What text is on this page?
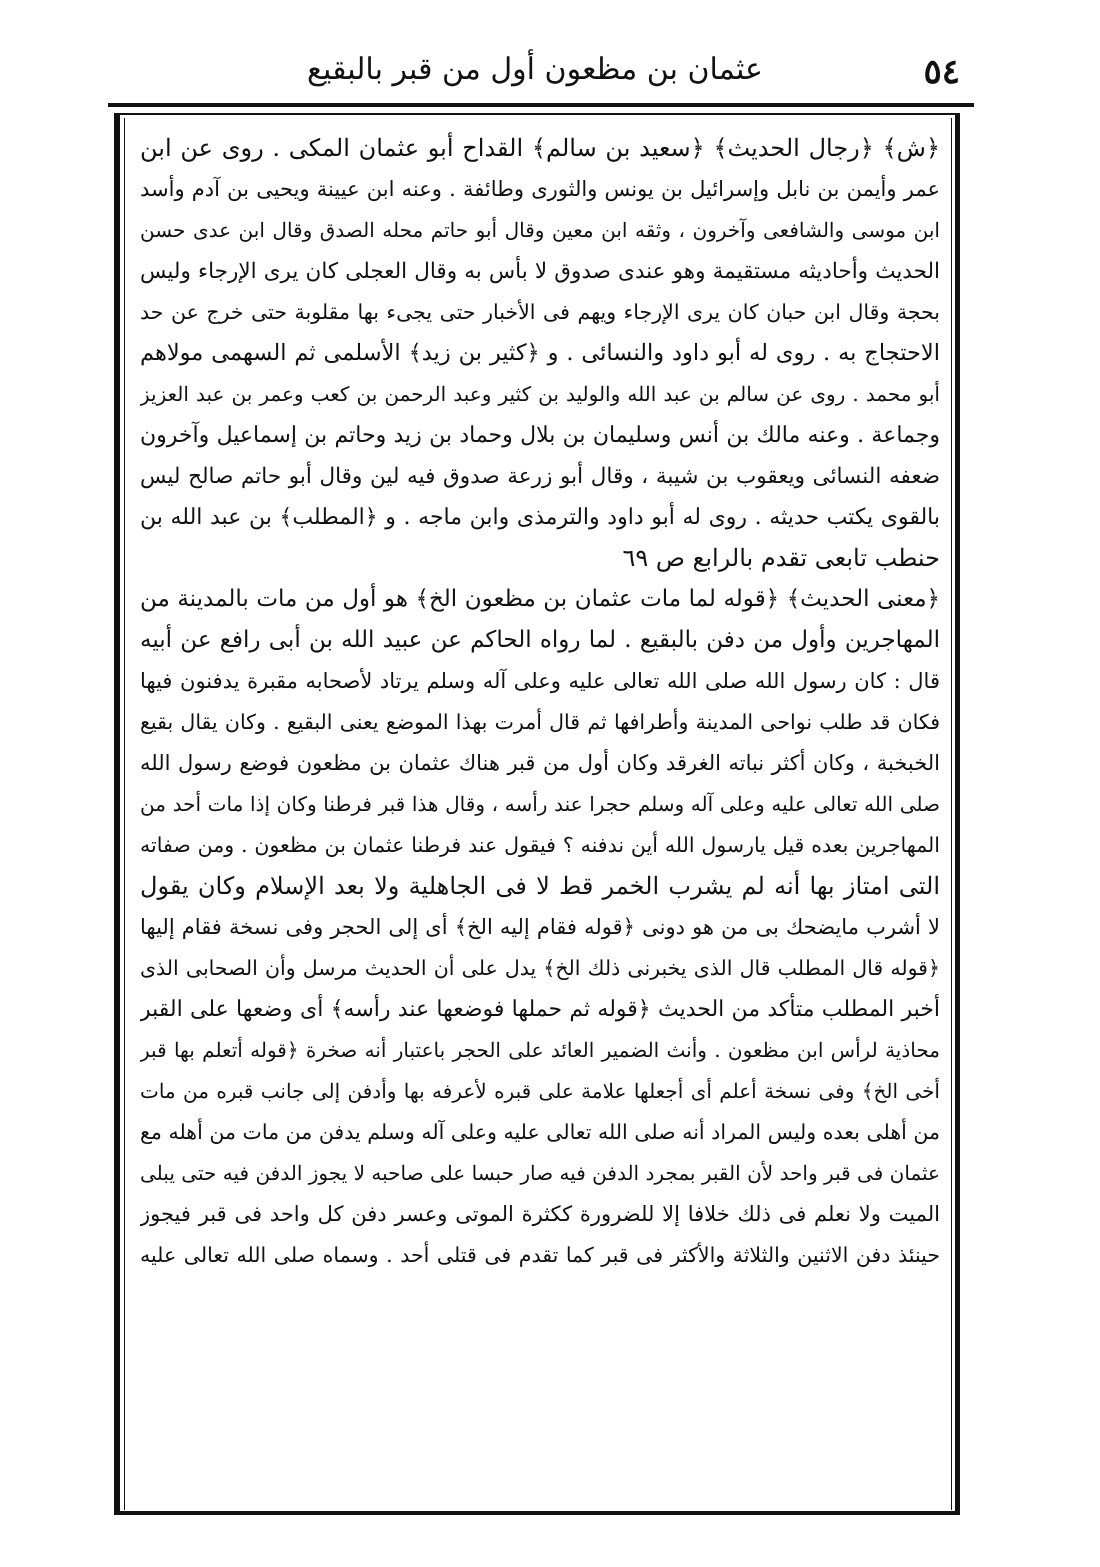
٥٤
عثمان بن مظعون أول من قبر بالبقيع
﴿ش﴾ ﴿رجال الحديث﴾ ﴿سعيد بن سالم﴾ القداح أبو عثمان المكى . روى عن ابن
عمر وأيمن بن نابل وإسرائيل بن يونس والثورى وطائفة . وعنه ابن عيينة ويحيى بن آدم وأسد
ابن موسى والشافعى وآخرون ، وثقه ابن معين وقال أبو حاتم محله الصدق وقال ابن عدى حسن
الحديث وأحاديثه مستقيمة وهو عندى صدوق لا بأس به وقال العجلى كان يرى الإرجاء وليس
بحجة وقال ابن حبان كان يرى الإرجاء ويهم فى الأخبار حتى يجىء بها مقلوبة حتى خرج عن حد
الاحتجاج به . روى له أبو داود والنسائى . و ﴿كثير بن زيد﴾ الأسلمى ثم السهمى مولاهم
أبو محمد . روى عن سالم بن عبد الله والوليد بن كثير وعبد الرحمن بن كعب وعمر بن عبد العزيز
وجماعة . وعنه مالك بن أنس وسليمان بن بلال وحماد بن زيد وحاتم بن إسماعيل وآخرون
ضعفه النسائى ويعقوب بن شيبة ، وقال أبو زرعة صدوق فيه لين وقال أبو حاتم صالح ليس
بالقوى يكتب حديثه . روى له أبو داود والترمذى وابن ماجه . و ﴿المطلب﴾ بن عبد الله بن
حنطب تابعى تقدم بالرابع ص ٦٩
﴿معنى الحديث﴾ ﴿قوله لما مات عثمان بن مظعون الخ﴾ هو أول من مات بالمدينة من
المهاجرين وأول من دفن بالبقيع . لما رواه الحاكم عن عبيد الله بن أبى رافع عن أبيه
قال : كان رسول الله صلى الله تعالى عليه وعلى آله وسلم يرتاد لأصحابه مقبرة يدفنون فيها
فكان قد طلب نواحى المدينة وأطرافها ثم قال أمرت بهذا الموضع يعنى البقيع . وكان يقال بقيع
الخبخبة ، وكان أكثر نباته الغرقد وكان أول من قبر هناك عثمان بن مظعون فوضع رسول الله
صلى الله تعالى عليه وعلى آله وسلم حجرا عند رأسه ، وقال هذا قبر فرطنا وكان إذا مات أحد من
المهاجرين بعده قيل يارسول الله أين ندفنه ؟ فيقول عند فرطنا عثمان بن مظعون . ومن صفاته
التى امتاز بها أنه لم يشرب الخمر قط لا فى الجاهلية ولا بعد الإسلام وكان يقول
لا أشرب مايضحك بى من هو دونى ﴿قوله فقام إليه الخ﴾ أى إلى الحجر وفى نسخة فقام إليها
﴿قوله قال المطلب قال الذى يخبرنى ذلك الخ﴾ يدل على أن الحديث مرسل وأن الصحابى الذى
أخبر المطلب متأكد من الحديث ﴿قوله ثم حملها فوضعها عند رأسه﴾ أى وضعها على القبر
محاذية لرأس ابن مظعون . وأنث الضمير العائد على الحجر باعتبار أنه صخرة ﴿قوله أتعلم بها قبر
أخى الخ﴾ وفى نسخة أعلم أى أجعلها علامة على قبره لأعرفه بها وأدفن إلى جانب قبره من مات
من أهلى بعده وليس المراد أنه صلى الله تعالى عليه وعلى آله وسلم يدفن من مات من أهله مع
عثمان فى قبر واحد لأن القبر بمجرد الدفن فيه صار حبسا على صاحبه لا يجوز الدفن فيه حتى يبلى
الميت ولا نعلم فى ذلك خلافا إلا للضرورة ككثرة الموتى وعسر دفن كل واحد فى قبر فيجوز
حينئذ دفن الاثنين والثلاثة والأكثر فى قبر كما تقدم فى قتلى أحد . وسماه صلى الله تعالى عليه
